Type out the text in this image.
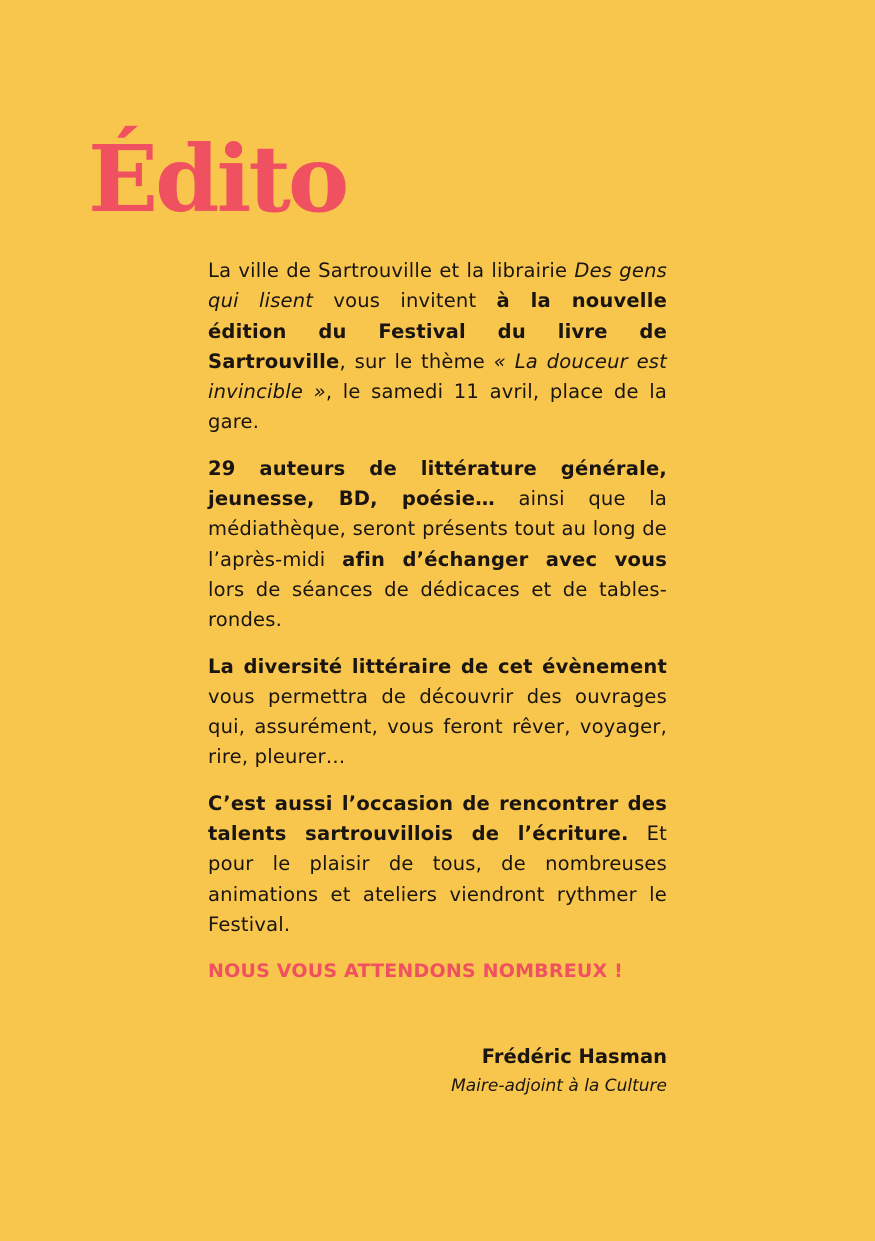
Édito

La ville de Sartrouville et la librairie Des gens qui lisent vous invitent à la nouvelle édition du Festival du livre de Sartrouville, sur le thème « La douceur est invincible », le samedi 11 avril, place de la gare.

29 auteurs de littérature générale, jeunesse, BD, poésie… ainsi que la médiathèque, seront présents tout au long de l’après-midi afin d’échanger avec vous lors de séances de dédicaces et de tables-rondes.

La diversité littéraire de cet évènement vous permettra de découvrir des ouvrages qui, assurément, vous feront rêver, voyager, rire, pleurer…

C’est aussi l’occasion de rencontrer des talents sartrouvillois de l’écriture. Et pour le plaisir de tous, de nombreuses animations et ateliers viendront rythmer le Festival.

NOUS VOUS ATTENDONS NOMBREUX !

Frédéric Hasman
Maire-adjoint à la Culture
